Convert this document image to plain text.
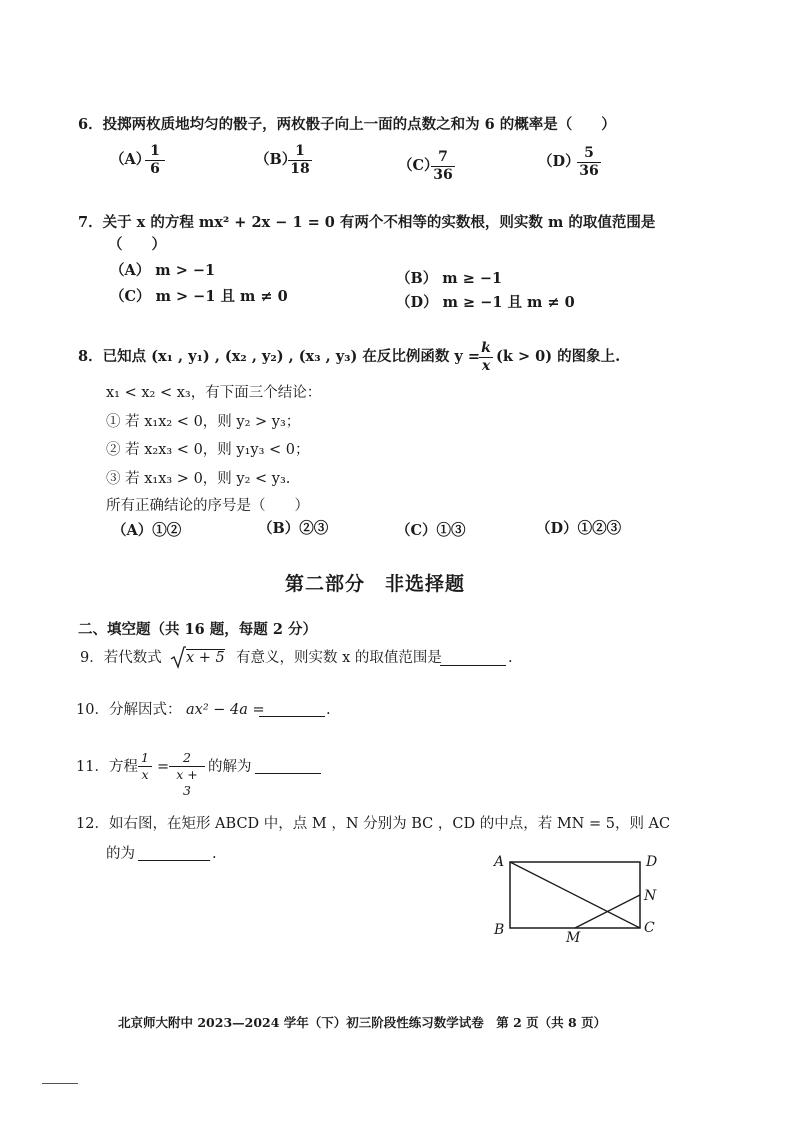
6．投掷两枚质地均匀的骰子，两枚骰子向上一面的点数之和为 6 的概率是（　　）
（A）
$\frac{1}{6}$	（B）
$\frac{1}{18}$	（C）
$\frac{7}{36}$	（D）
$\frac{5}{36}$
7．关于 x 的方程 mx² + 2x − 1 = 0 有两个不相等的实数根，则实数 m 的取值范围是
（　　）
（A） m > −1	（B） m ≥ −1
（C） m > −1 且 m ≠ 0	（D） m ≥ −1 且 m ≠ 0
8．已知点 (x₁ , y₁) , (x₂ , y₂) , (x₃ , y₃) 在反比例函数 y =
$\frac{k}{x} (k > 0)$ 的图象上.
x₁ < x₂ < x₃，有下面三个结论：
① 若 x₁x₂ < 0，则 y₂ > y₃；
② 若 x₂x₃ < 0，则 y₁y₃ < 0；
③ 若 x₁x₃ > 0，则 y₂ < y₃.
所有正确结论的序号是（　　）
（A）①②	（B）②③	（C）①③	（D）①②③
第二部分　非选择题
二、填空题（共 16 题，每题 2 分）
9．若代数式 x + 5 有意义，则实数 x 的取值范围是	.
10．分解因式： ax² − 4a =	.
11．方程 $\frac{1}{x} = \frac{2}{x + 3}$ 的解为
12．如右图，在矩形 ABCD 中，点 M ，N 分别为 BC ，CD 的中点，若 MN = 5，则 AC
的为	.	A	D
N
B	C
M
北京师大附中 2023—2024 学年（下）初三阶段性练习数学试卷　第 2 页（共 8 页）
